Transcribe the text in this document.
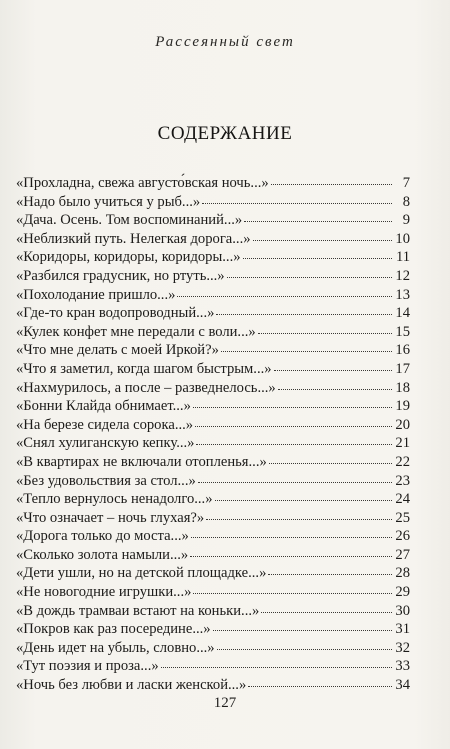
Рассеянный свет
СОДЕРЖАНИЕ
«Прохладна, свежа августо́вская ночь...»	7
«Надо было учиться у рыб...»	8
«Дача. Осень. Том воспоминаний...»	9
«Неблизкий путь. Нелегкая дорога...»	10
«Коридоры, коридоры, коридоры...»	11
«Разбился градусник, но ртуть...»	12
«Похолодание пришло...»	13
«Где-то кран водопроводный...»	14
«Кулек конфет мне передали с воли...»	15
«Что мне делать с моей Иркой?»	16
«Что я заметил, когда шагом быстрым...»	17
«Нахмурилось, а после – разведнелось...»	18
«Бонни Клайда обнимает...»	19
«На березе сидела сорока...»	20
«Снял хулиганскую кепку...»	21
«В квартирах не включали отопленья...»	22
«Без удовольствия за стол...»	23
«Тепло вернулось ненадолго...»	24
«Что означает – ночь глухая?»	25
«Дорога только до моста...»	26
«Сколько золота намыли...»	27
«Дети ушли, но на детской площадке...»	28
«Не новогодние игрушки...»	29
«В дождь трамваи встают на коньки...»	30
«Покров как раз посередине...»	31
«День идет на убыль, словно...»	32
«Тут поэзия и проза...»	33
«Ночь без любви и ласки женской...»	34
127
